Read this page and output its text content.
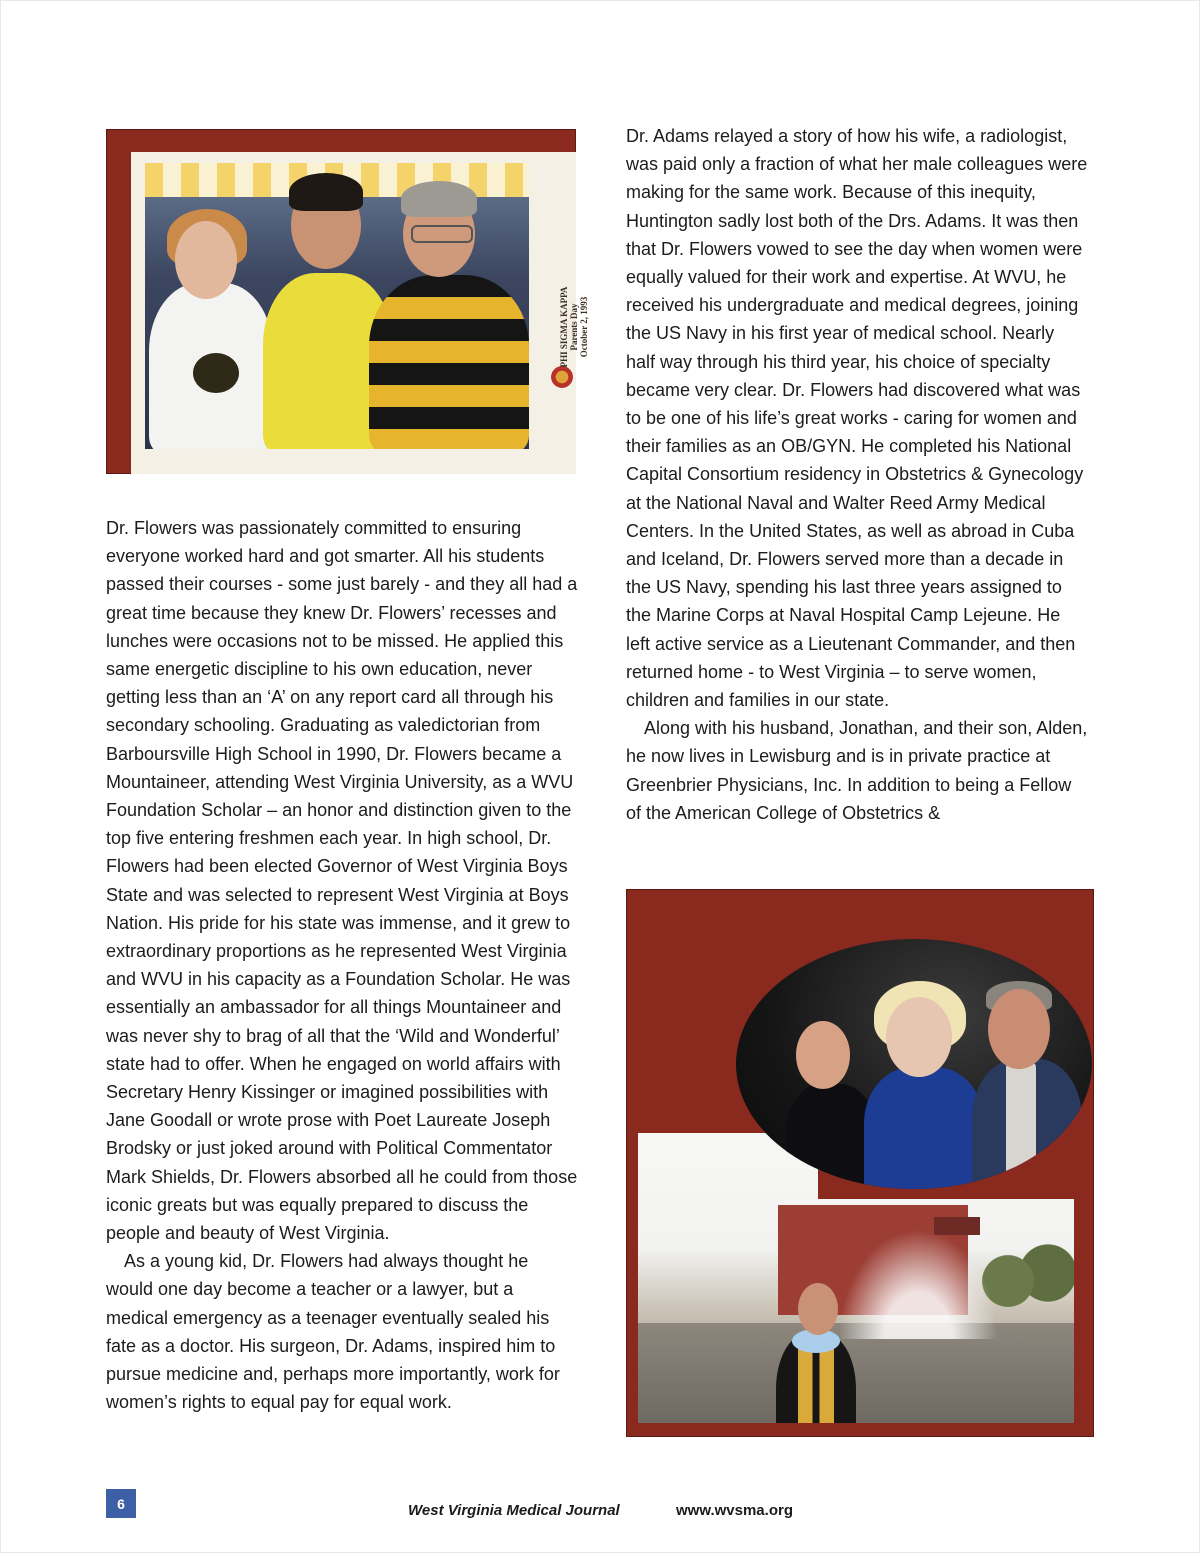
PHI SIGMA KAPPA Parents Day October 2, 1993

Dr. Flowers was passionately committed to ensuring everyone worked hard and got smarter. All his students passed their courses - some just barely - and they all had a great time because they knew Dr. Flowers’ recesses and lunches were occasions not to be missed. He applied this same energetic discipline to his own education, never getting less than an ‘A’ on any report card all through his secondary schooling. Graduating as valedictorian from Barboursville High School in 1990, Dr. Flowers became a Mountaineer, attending West Virginia University, as a WVU Foundation Scholar – an honor and distinction given to the top five entering freshmen each year. In high school, Dr. Flowers had been elected Governor of West Virginia Boys State and was selected to represent West Virginia at Boys Nation. His pride for his state was immense, and it grew to extraordinary proportions as he represented West Virginia and WVU in his capacity as a Foundation Scholar. He was essentially an ambassador for all things Mountaineer and was never shy to brag of all that the ‘Wild and Wonderful’ state had to offer. When he engaged on world affairs with Secretary Henry Kissinger or imagined possibilities with Jane Goodall or wrote prose with Poet Laureate Joseph Brodsky or just joked around with Political Commentator Mark Shields, Dr. Flowers absorbed all he could from those iconic greats but was equally prepared to discuss the people and beauty of West Virginia.

As a young kid, Dr. Flowers had always thought he would one day become a teacher or a lawyer, but a medical emergency as a teenager eventually sealed his fate as a doctor. His surgeon, Dr. Adams, inspired him to pursue medicine and, perhaps more importantly, work for women’s rights to equal pay for equal work.

Dr. Adams relayed a story of how his wife, a radiologist, was paid only a fraction of what her male colleagues were making for the same work. Because of this inequity, Huntington sadly lost both of the Drs. Adams. It was then that Dr. Flowers vowed to see the day when women were equally valued for their work and expertise. At WVU, he received his undergraduate and medical degrees, joining the US Navy in his first year of medical school. Nearly half way through his third year, his choice of specialty became very clear. Dr. Flowers had discovered what was to be one of his life’s great works - caring for women and their families as an OB/GYN. He completed his National Capital Consortium residency in Obstetrics & Gynecology at the National Naval and Walter Reed Army Medical Centers. In the United States, as well as abroad in Cuba and Iceland, Dr. Flowers served more than a decade in the US Navy, spending his last three years assigned to the Marine Corps at Naval Hospital Camp Lejeune. He left active service as a Lieutenant Commander, and then returned home - to West Virginia – to serve women, children and families in our state.

Along with his husband, Jonathan, and their son, Alden, he now lives in Lewisburg and is in private practice at Greenbrier Physicians, Inc. In addition to being a Fellow of the American College of Obstetrics &

6	West Virginia Medical Journal	www.wvsma.org
